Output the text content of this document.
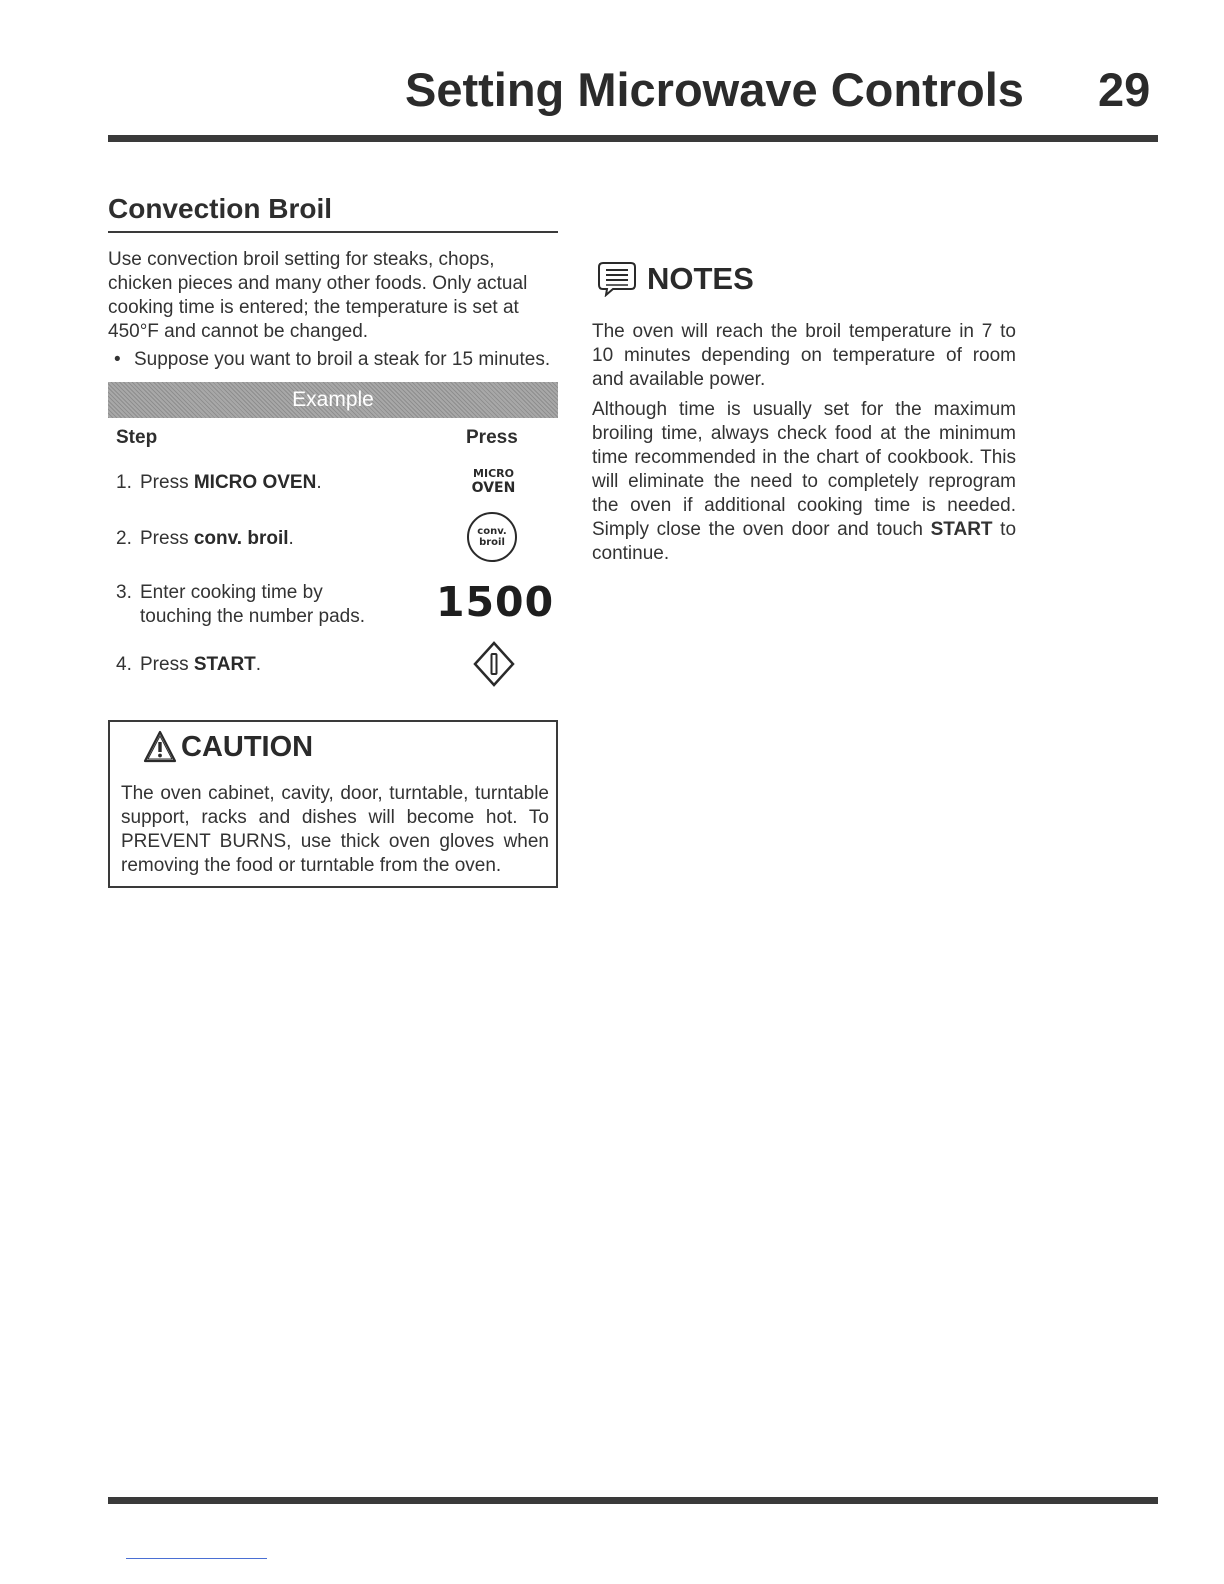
Setting Microwave Controls 29
Convection Broil
Use convection broil setting for steaks, chops, chicken pieces and many other foods. Only actual cooking time is entered; the temperature is set at 450°F and cannot be changed.
• Suppose you want to broil a steak for 15 minutes.
Example
Step	Press
1. Press MICRO OVEN.
2. Press conv. broil.
3. Enter cooking time by
touching the number pads.
4. Press START.
MICRO
OVEN
conv.
broil
1500
CAUTION
The oven cabinet, cavity, door, turntable, turntable support, racks and dishes will become hot. To PREVENT BURNS, use thick oven gloves when removing the food or turntable from the oven.
NOTES
The oven will reach the broil temperature in 7 to 10 minutes depending on temperature of room and available power.
Although time is usually set for the maximum broiling time, always check food at the minimum time recommended in the chart of cookbook. This will eliminate the need to completely reprogram the oven if additional cooking time is needed. Simply close the oven door and touch START to continue.
